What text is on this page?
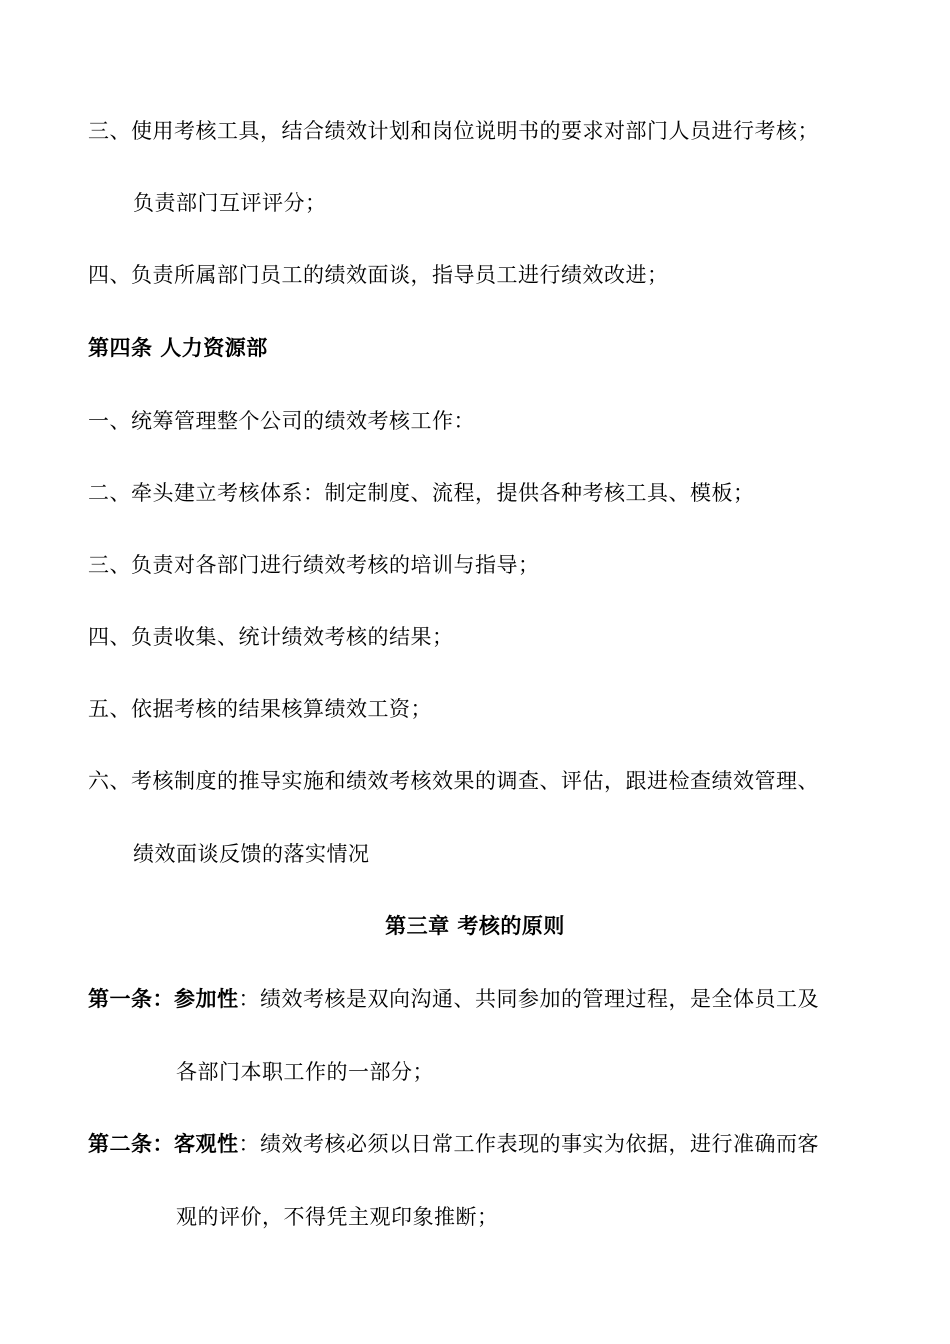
三、使用考核工具，结合绩效计划和岗位说明书的要求对部门人员进行考核；
负责部门互评评分；
四、负责所属部门员工的绩效面谈，指导员工进行绩效改进；
第四条 人力资源部
一、统筹管理整个公司的绩效考核工作：
二、牵头建立考核体系：制定制度、流程，提供各种考核工具、模板；
三、负责对各部门进行绩效考核的培训与指导；
四、负责收集、统计绩效考核的结果；
五、依据考核的结果核算绩效工资；
六、考核制度的推导实施和绩效考核效果的调查、评估，跟进检查绩效管理、
绩效面谈反馈的落实情况
第三章 考核的原则
第一条：参加性：绩效考核是双向沟通、共同参加的管理过程，是全体员工及
各部门本职工作的一部分；
第二条：客观性：绩效考核必须以日常工作表现的事实为依据，进行准确而客
观的评价，不得凭主观印象推断；
